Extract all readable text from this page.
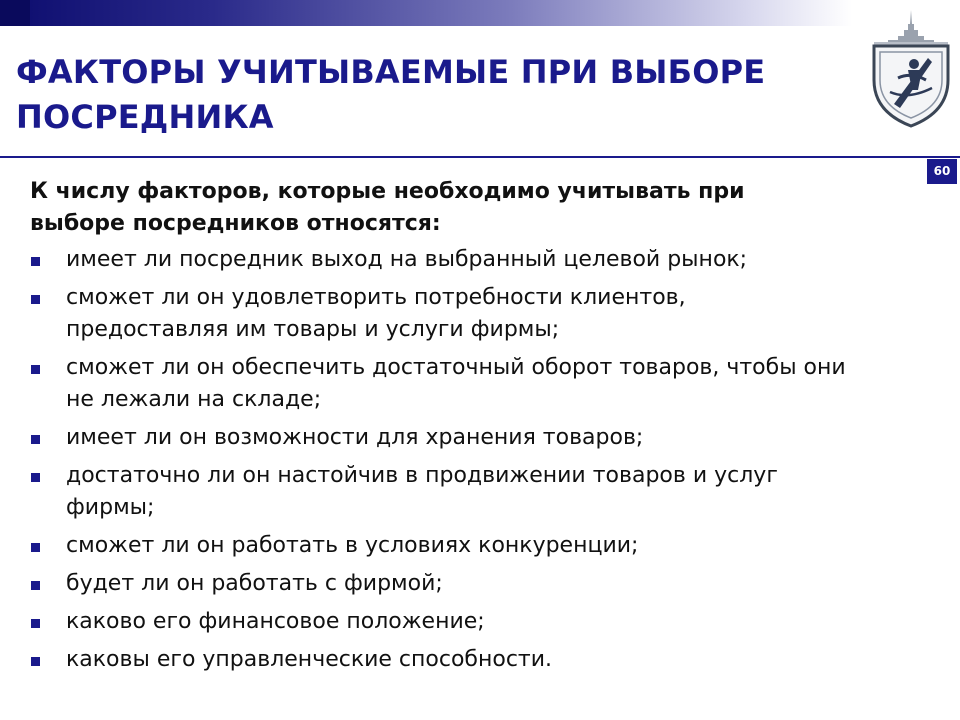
ФАКТОРЫ УЧИТЫВАЕМЫЕ ПРИ ВЫБОРЕ
ПОСРЕДНИКА
60

К числу факторов, которые необходимо учитывать при
выборе посредников относятся:

имеет ли посредник выход на выбранный целевой рынок;
сможет ли он удовлетворить потребности клиентов,
предоставляя им товары и услуги фирмы;
сможет ли он обеспечить достаточный оборот товаров, чтобы они
не лежали на складе;
имеет ли он возможности для хранения товаров;
достаточно ли он настойчив в продвижении товаров и услуг
фирмы;
сможет ли он работать в условиях конкуренции;
будет ли он работать с фирмой;
каково его финансовое положение;
каковы его управленческие способности.
